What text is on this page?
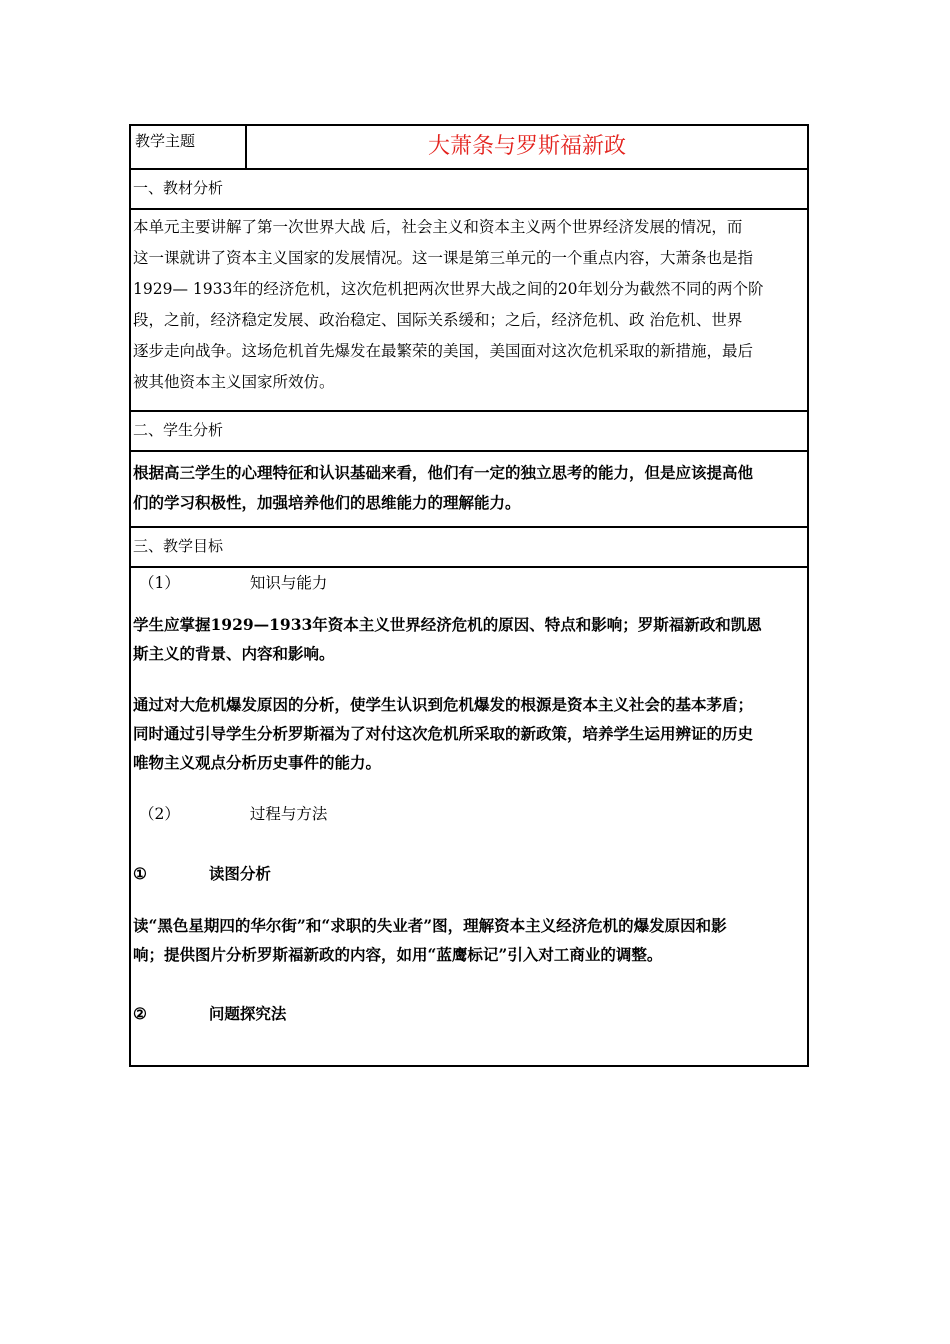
教学主题	大萧条与罗斯福新政
一、教材分析

本单元主要讲解了第一次世界大战 后，社会主义和资本主义两个世界经济发展的情况，而
这一课就讲了资本主义国家的发展情况。这一课是第三单元的一个重点内容，大萧条也是指
1929— 1933年的经济危机，这次危机把两次世界大战之间的20年划分为截然不同的两个阶
段，之前，经济稳定发展、政治稳定、国际关系缓和；之后，经济危机、政 治危机、世界
逐步走向战争。这场危机首先爆发在最繁荣的美国，美国面对这次危机采取的新措施，最后
被其他资本主义国家所效仿。

二、学生分析

根据高三学生的心理特征和认识基础来看，他们有一定的独立思考的能力，但是应该提高他
们的学习积极性，加强培养他们的思维能力的理解能力。

三、教学目标

（1）	知识与能力

学生应掌握1929—1933年资本主义世界经济危机的原因、特点和影响；罗斯福新政和凯恩
斯主义的背景、内容和影响。

通过对大危机爆发原因的分析，使学生认识到危机爆发的根源是资本主义社会的基本茅盾；
同时通过引导学生分析罗斯福为了对付这次危机所采取的新政策，培养学生运用辨证的历史
唯物主义观点分析历史事件的能力。

（2）	过程与方法

①	读图分析

读“黑色星期四的华尔街”和“求职的失业者”图，理解资本主义经济危机的爆发原因和影
响；提供图片分析罗斯福新政的内容，如用“蓝鹰标记”引入对工商业的调整。

②	问题探究法
